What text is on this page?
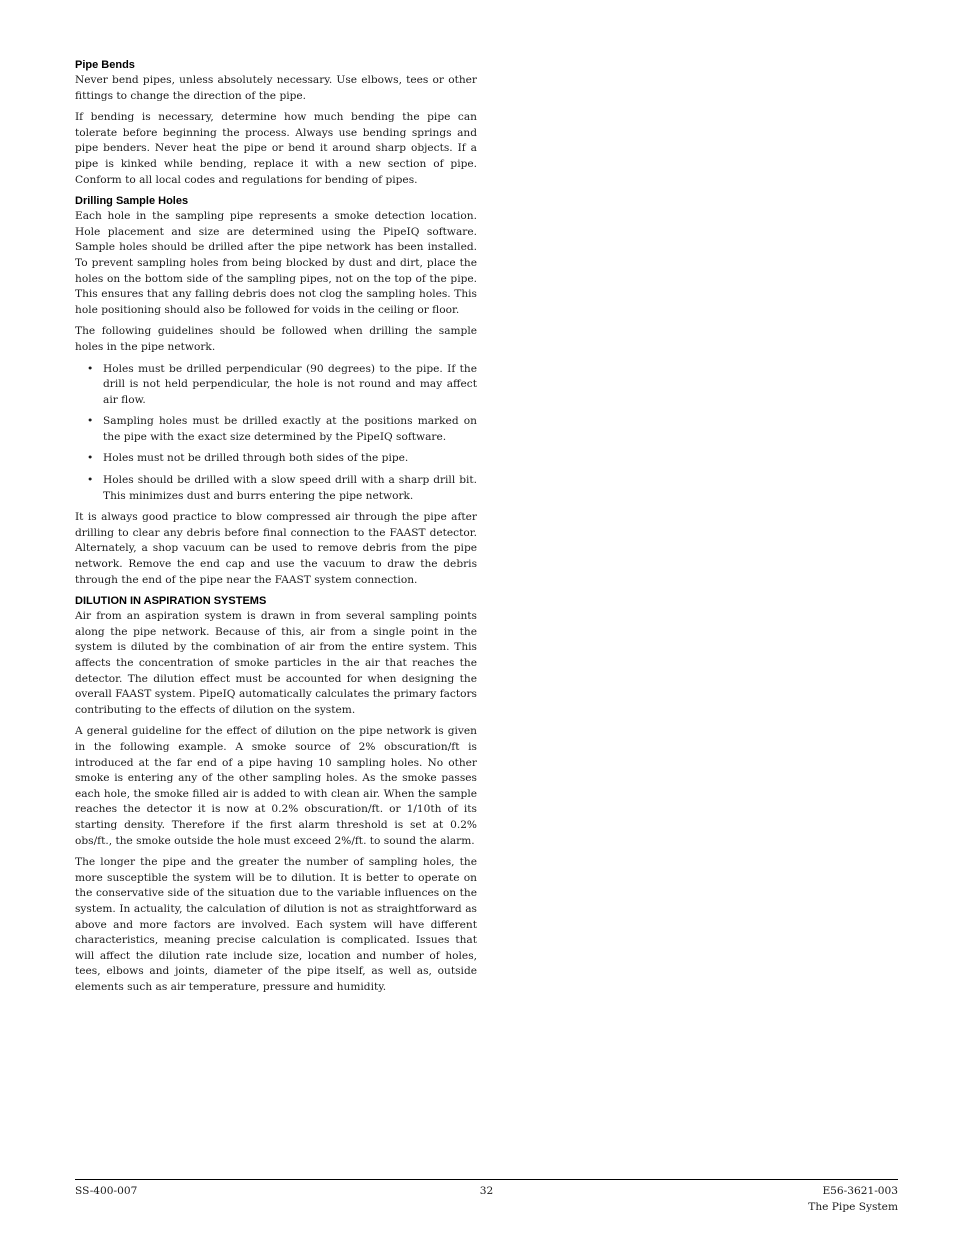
Pipe Bends

Never bend pipes, unless absolutely necessary. Use elbows, tees or other fittings to change the direction of the pipe.

If bending is necessary, determine how much bending the pipe can tolerate before beginning the process. Always use bending springs and pipe benders. Never heat the pipe or bend it around sharp objects. If a pipe is kinked while bending, replace it with a new section of pipe. Conform to all local codes and regulations for bending of pipes.

Drilling Sample Holes

Each hole in the sampling pipe represents a smoke detection location. Hole placement and size are determined using the PipeIQ software. Sample holes should be drilled after the pipe network has been installed. To prevent sampling holes from being blocked by dust and dirt, place the holes on the bottom side of the sampling pipes, not on the top of the pipe. This ensures that any falling debris does not clog the sampling holes. This hole positioning should also be followed for voids in the ceiling or floor.

The following guidelines should be followed when drilling the sample holes in the pipe network.

• Holes must be drilled perpendicular (90 degrees) to the pipe. If the drill is not held perpendicular, the hole is not round and may affect air flow.
• Sampling holes must be drilled exactly at the positions marked on the pipe with the exact size determined by the PipeIQ software.
• Holes must not be drilled through both sides of the pipe.
• Holes should be drilled with a slow speed drill with a sharp drill bit. This minimizes dust and burrs entering the pipe network.

It is always good practice to blow compressed air through the pipe after drilling to clear any debris before final connection to the FAAST detector. Alternately, a shop vacuum can be used to remove debris from the pipe network. Remove the end cap and use the vacuum to draw the debris through the end of the pipe near the FAAST system connection.

DILUTION IN ASPIRATION SYSTEMS

Air from an aspiration system is drawn in from several sampling points along the pipe network. Because of this, air from a single point in the system is diluted by the combination of air from the entire system. This affects the concentration of smoke particles in the air that reaches the detector. The dilution effect must be accounted for when designing the overall FAAST system. PipeIQ automatically calculates the primary factors contributing to the effects of dilution on the system.

A general guideline for the effect of dilution on the pipe network is given in the following example. A smoke source of 2% obscuration/ft is introduced at the far end of a pipe having 10 sampling holes. No other smoke is entering any of the other sampling holes. As the smoke passes each hole, the smoke filled air is added to with clean air. When the sample reaches the detector it is now at 0.2% obscuration/ft. or 1/10th of its starting density. Therefore if the first alarm threshold is set at 0.2% obs/ft., the smoke outside the hole must exceed 2%/ft. to sound the alarm.

The longer the pipe and the greater the number of sampling holes, the more susceptible the system will be to dilution. It is better to operate on the conservative side of the situation due to the variable influences on the system. In actuality, the calculation of dilution is not as straightforward as above and more factors are involved. Each system will have different characteristics, meaning precise calculation is complicated. Issues that will affect the dilution rate include size, location and number of holes, tees, elbows and joints, diameter of the pipe itself, as well as, outside elements such as air temperature, pressure and humidity.

32
SS-400-007	E56-3621-003
The Pipe System
